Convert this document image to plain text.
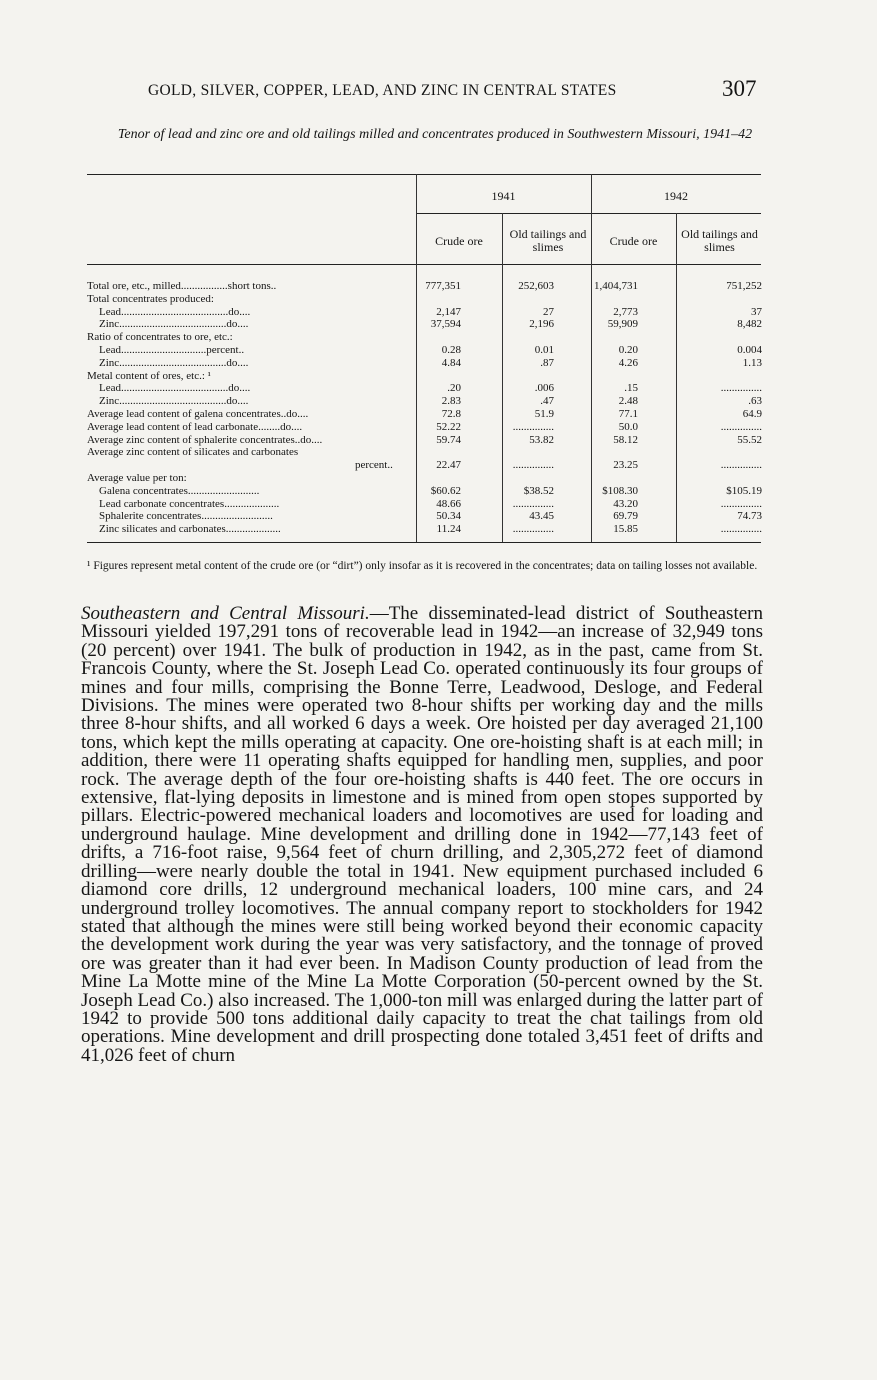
GOLD, SILVER, COPPER, LEAD, AND ZINC IN CENTRAL STATES	307
Tenor of lead and zinc ore and old tailings milled and concentrates produced in Southwestern Missouri, 1941–42
1941	1942
Crude ore	Old tailings and slimes	Crude ore	Old tailings and slimes
Total ore, etc., milled.................short tons..	777,351	252,603	1,404,731	751,252
Total concentrates produced:
Lead.......................................do....	2,147	27	2,773	37
Zinc.......................................do....	37,594	2,196	59,909	8,482
Ratio of concentrates to ore, etc.:
Lead...............................percent..	0.28	0.01	0.20	0.004
Zinc.......................................do....	4.84	.87	4.26	1.13
Metal content of ores, etc.: ¹
Lead.......................................do....	.20	.006	.15	...............
Zinc.......................................do....	2.83	.47	2.48	.63
Average lead content of galena concentrates..do....	72.8	51.9	77.1	64.9
Average lead content of lead carbonate........do....	52.22	...............	50.0	...............
Average zinc content of sphalerite concentrates..do....	59.74	53.82	58.12	55.52
Average zinc content of silicates and carbonates
percent..	22.47	...............	23.25	...............
Average value per ton:
Galena concentrates..........................	$60.62	$38.52	$108.30	$105.19
Lead carbonate concentrates....................	48.66	...............	43.20	...............
Sphalerite concentrates..........................	50.34	43.45	69.79	74.73
Zinc silicates and carbonates....................	11.24	...............	15.85	...............
¹ Figures represent metal content of the crude ore (or “dirt”) only insofar as it is recovered in the concentrates; data on tailing losses not available.

Southeastern and Central Missouri.—The disseminated-lead district of Southeastern Missouri yielded 197,291 tons of recoverable lead in 1942—an increase of 32,949 tons (20 percent) over 1941. The bulk of production in 1942, as in the past, came from St. Francois County, where the St. Joseph Lead Co. operated continuously its four groups of mines and four mills, comprising the Bonne Terre, Leadwood, Desloge, and Federal Divisions. The mines were operated two 8-hour shifts per working day and the mills three 8-hour shifts, and all worked 6 days a week. Ore hoisted per day averaged 21,100 tons, which kept the mills operating at capacity. One ore-hoisting shaft is at each mill; in addition, there were 11 operating shafts equipped for handling men, supplies, and poor rock. The average depth of the four ore-hoisting shafts is 440 feet. The ore occurs in extensive, flat-lying deposits in limestone and is mined from open stopes supported by pillars. Electric-powered mechanical loaders and locomotives are used for loading and underground haulage. Mine development and drilling done in 1942—77,143 feet of drifts, a 716-foot raise, 9,564 feet of churn drilling, and 2,305,272 feet of diamond drilling—were nearly double the total in 1941. New equipment purchased included 6 diamond core drills, 12 underground mechanical loaders, 100 mine cars, and 24 underground trolley locomotives. The annual company report to stockholders for 1942 stated that although the mines were still being worked beyond their economic capacity the development work during the year was very satisfactory, and the tonnage of proved ore was greater than it had ever been. In Madison County production of lead from the Mine La Motte mine of the Mine La Motte Corporation (50-percent owned by the St. Joseph Lead Co.) also increased. The 1,000-ton mill was enlarged during the latter part of 1942 to provide 500 tons additional daily capacity to treat the chat tailings from old operations. Mine development and drill prospecting done totaled 3,451 feet of drifts and 41,026 feet of churn
